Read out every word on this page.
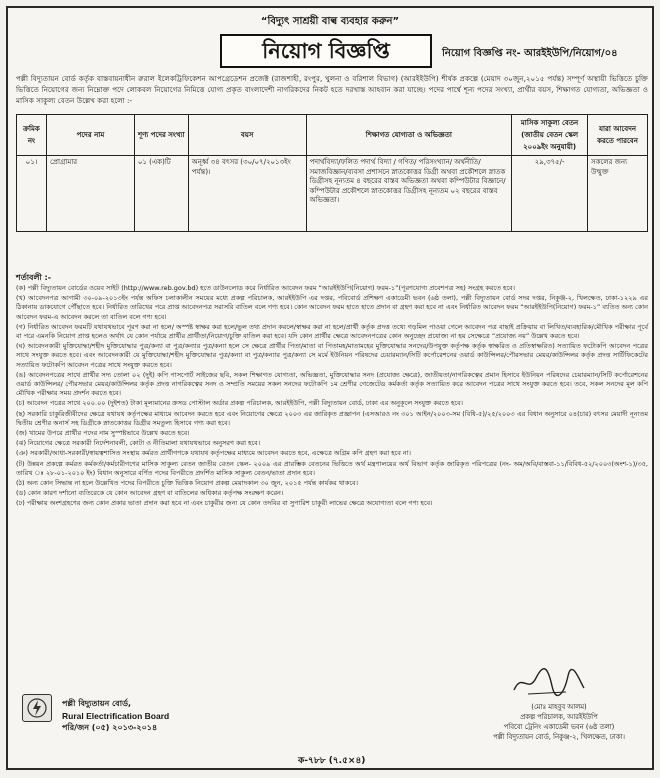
“বিদ্যুৎ সাশ্রয়ী বাল্ব ব্যবহার করুন”
নিয়োগ বিজ্ঞপ্তি	নিয়োগ বিজ্ঞপ্তি নং- আরইইউপি/নিয়োগ/০৪
পল্লী বিদ্যুতায়ন বোর্ড কর্তৃক বাস্তবায়নাধীন রুরাল ইলেকট্রিফিকেশন আপগ্রেডেশন প্রজেক্ট (রাজশাহী, রংপুর, খুলনা ও বরিশাল বিভাগ) (আরইইউপি) শীর্ষক প্রকল্পে (মেয়াদ ৩০জুন,২০১৫ পর্যন্ত) সম্পূর্ণ অস্থায়ী ভিত্তিতে চুক্তি ভিত্তিতে নিয়োগের জন্য নিম্নোক্ত পদে লোকবল নিয়োগের নিমিত্তে যোগ্য প্রকৃত বাংলাদেশী নাগরিকদের নিকট হতে দরখাস্ত আহবান করা যাচ্ছে। পদের পার্শ্বে শূন্য পদের সংখ্যা, প্রার্থীর বয়স, শিক্ষাগত যোগ্যতা, অভিজ্ঞতা ও মাসিক সাকুল্য বেতন উল্লেখ করা হলো :-
ক্রমিক নং	পদের নাম	শূণ্য পদের সংখ্যা	বয়স	শিক্ষাগত যোগ্যতা ও অভিজ্ঞতা	মাসিক সাকুল্য বেতন (জাতীয় বেতন স্কেল ২০০৯ইং অনুযায়ী)	যারা আবেদন করতে পারবেন
০১।	প্রোগ্রামার	০১ (এক)টি	অনূর্ধ্ব ৩৪ বৎসর (৩০/০৭/২০১৩ইং পর্যন্ত)।	পদার্থবিদ্যা/ফলিত পদার্থ বিদ্যা / গণিত/ পরিসংখ্যান/ অর্থনীতি/ সমাজবিজ্ঞান/ব্যবসা প্রশাসনে স্নাতকোত্তর ডিগ্রী অথবা প্রকৌশলে স্নাতক ডিগ্রীসহ নূন্যতম ৪ বছরের বাস্তব অভিজ্ঞতা অথবা কম্পিউটার বিজ্ঞানে/কম্পিউটার প্রকৌশলে স্নাতকোত্তর ডিগ্রীসহ নূন্যতম ০২ বছরের বাস্তব অভিজ্ঞতা।	২৯,৩৭৫/-	সকলের জন্য উন্মুক্ত
শর্তাবলী :-

(ক) পল্লী বিদ্যুতায়ন বোর্ডের ওয়েব সাইট (http://www.reb.gov.bd) হতে ডাউনলোড করে নির্ধারিত আবেদন ফরম “আরইইউপি(নিয়োগ) ফরম-১”(পূরণযোগ্য প্রবেশপত্র সহ) সংগ্রহ করতে হবে।

(খ) আবেদনপত্র আগামী ৩০-০৯-২০১৩ইং পর্যন্ত অফিস চলাকালীন সময়ের মধ্যে প্রকল্প পরিচালক, আরইইউপি এর দপ্তর, পবিবোর্ড প্রশিক্ষণ একাডেমী ভবন (৬ষ্ঠ তলা), পল্লী বিদ্যুতায়ন বোর্ড সদর দপ্তর, নিকুঞ্জ-২, খিলক্ষেত, ঢাকা-১২২৯ এর ঠিকানায় ডাকযোগে পৌঁছাতে হবে। নির্ধারিত তারিখের পরে প্রাপ্ত আবেদনপত্র সরাসরি বাতিল বলে গণ্য হবে। কোন আবেদন ফরম হাতে হাতে প্রদান বা গ্রহণ করা হবে না এবং নির্ধারিত আবেদন ফরম “আরইইউপি(নিয়োগ) ফরম-১” ব্যতিত অন্য কোন আবেদন ফরম-এ আবেদন করলে তা বাতিল বলে গণ্য হবে।

(গ) নির্ধারিত আবেদন ফরমটি যথাযথভাবে পূরণ করা না হলে/ অস্পষ্ট স্বাক্ষর করা হলে/ভুল তথ্য প্রদান করলে/স্বাক্ষর করা না হলে/প্রার্থী কর্তৃক প্রদত্ত তথ্যে গড়মিল পাওয়া গেলে আবেদন পত্র বাছাই প্রক্রিয়ায় বা লিখিত/ব্যবহারিক/মৌখিক পরীক্ষার পূর্বে বা পরে এমনকি নিয়োগ প্রাপ্ত হলেও অর্থাৎ যে কোন পর্যায়ে প্রার্থীর প্রার্থীতা/নিয়োগ/চুক্তি বাতিল করা হবে। যদি কোন প্রার্থীর ক্ষেত্রে আবেদনপত্রের কোন অনুচ্ছেদ প্রযোজ্য না হয় সেক্ষেত্রে “প্রযোজ্য নয়” উল্লেখ করতে হবে।

(ঘ) আবেদনকারী মুক্তিযোদ্ধা/শহীদ মুক্তিযোদ্ধার পুত্র/কন্যা বা পুত্র/কন্যার পুত্র/কন্যা হলে সে ক্ষেত্রে প্রার্থীর পিতা/মাতা বা পিতামহ/মাতামহের মুক্তিযোদ্ধার সনদের/উপযুক্ত কর্তৃপক্ষ কর্তৃক স্বাক্ষরিত ও প্রতিস্বাক্ষরিত) সত্যায়িত ফটোকপি আবেদন পত্রের সাথে সংযুক্ত করতে হবে। এবং আবেদনকারী যে মুক্তিযোদ্ধা/শহীদ মুক্তিযোদ্ধার পুত্র/কন্যা বা পুত্র/কন্যার পুত্র/কন্যা সে মর্মে ইউনিয়ন পরিষদের চেয়ারম্যান/সিটি কর্পোরেশনের ওয়ার্ড কাউন্সিলর/পৌরসভার মেয়র/কাউন্সিলর কর্তৃক প্রদত্ত সার্টিফিকেটের সত্যায়িত ফটোকপি আবেদন পত্রের সাথে সংযুক্ত করতে হবে।

(ঙ) আবেদনপত্রের সাথে প্রার্থীর সদ্য তোলা ০২ (দুই) কপি পাসপোর্ট সাইজের ছবি, সকল শিক্ষাগত যোগ্যতা, অভিজ্ঞতা, মুক্তিযোদ্ধার সনদ (প্রযোজ্য ক্ষেত্রে), জাতীয়তা/নাগরিকত্বের প্রমান হিসাবে ইউনিয়ন পরিষদের চেয়ারম্যান/সিটি কর্পোরেশনের ওয়ার্ড কাউন্সিলর/ পৌরসভার মেয়র/কাউন্সিলর কর্তৃক প্রদত্ত নাগরিকত্বের সনদ ও সম্প্রতি সময়ের সকল সনদের ফটোকপি ১ম শ্রেণীর গেজেটেড কর্মকর্তা কর্তৃক সত্যায়িত করে আবেদন পত্রের সাথে সংযুক্ত করতে হবে। তবে, সকল সনদের মূল কপি মৌখিক পরীক্ষার সময় প্রদর্শন করতে হবে।

(চ) আবেদন পত্রের সাথে ২০০.০০ (দুইশত) টাকা মূল্যমানের ক্রসড পোস্টাল অর্ডার প্রকল্প পরিচালক, আরইইউপি, পল্লী বিদ্যুতায়ন বোর্ড, ঢাকা এর অনুকূলে সংযুক্ত করতে হবে।

(ছ) সরকারি চাকুরিজীবীদের ক্ষেত্রে যথাযথ কর্তৃপক্ষের মাধ্যমে আবেদন করতে হবে এবং নিয়োগের ক্ষেত্রে ২০০৩ এর জারিকৃত প্রজ্ঞাপন (এসআরও নং ৩০১ আইন/২০০৩-সম (বিধি-৫)/২৫/২০০৩ এর বিধান অনুসারে ০৪(চার) বৎসর মেয়াদী নূন্যতম দ্বিতীয় শ্রেণীর অনার্স সহ ডিগ্রীকে স্নাতকোত্তর ডিগ্রীর সমতুল্য হিসাবে গণ্য করা হবে।

(জ) খামের উপরে প্রার্থীর পদের নাম সুস্পষ্টভাবে উল্লেখ করতে হবে।

(ঝ) নিয়োগের ক্ষেত্রে সরকারী নির্দেশনাবলী, কোটা ও নীতিমালা যথাযথভাবে অনুসরণ করা হবে।

(ঞ) সরকারী/আধা-সরকারী/স্বায়ত্বশাসিত সংস্থায় কর্মরত প্রার্থীগণকে যথাযথ কর্তৃপক্ষের মাধ্যমে আবেদন করতে হবে, এক্ষেত্রে অগ্রিম কপি গ্রহণ করা হবে না।

(ট) উন্নয়ন প্রকল্পে কর্মরত কর্মকর্তা/কর্মচারীগণের মাসিক সাকুল্য বেতন জাতীয় বেতন স্কেল- ২০০৯ এর প্রারম্ভিক বেতনের ভিত্তিতে অর্থ মন্ত্রণালয়ের অর্থ বিভাগ কর্তৃক জারিকৃত পরিপত্রের (নং- অম/অবি/বাস্তবা-১১/বিবিধ-৫২/২০০৩(অংশ-১)/৩৫, তারিখ ঃ ২৮-০১-২০১০ ইং) বিধান অনুসারে বর্ণিত পদের বিপরীতে প্রদর্শিত মাসিক সাকুল্য বেতন/ভাতা প্রদান হবে।

(ঠ) অন্য কোন সিদ্ধান্ত না হলে উল্লেখিত পদের বিপরীতে চুক্তি ভিত্তিক নিয়োগ প্রকল্প মেয়াদকাল ৩০ জুন, ২০১৫ পর্যন্ত কার্যকর থাকবে।

(ড) কোন কারণ দর্শানো ব্যতিরেকে যে কোন আবেদন গ্রহণ বা বাতিলের অধিকার কর্তৃপক্ষ সংরক্ষণ করেন।

(ঢ) পরীক্ষায় অংশগ্রহণের জন্য কোন প্রকার ভাতা প্রদান করা হবে না এবং চাকুরীর জন্য যে কোন তদবির বা সুপারিশ চাকুরী লাভের ক্ষেত্রে অযোগ্যতা বলে গণ্য হবে।

পল্লী বিদ্যুতায়ন বোর্ড,
Rural Electrification Board
পরি/জন (০৫) ২০১৩-২০১৪
(মোঃ মাহবুব আলম)
প্রকল্প পরিচালক, আরইইউপি
পবিবো ট্রেনিং একাডেমী ভবন (৬ষ্ঠ তলা)
পল্লী বিদ্যুতায়ন বোর্ড, নিকুঞ্জ-২, খিলক্ষেত, ঢাকা।
ক-৭৮৮ (৭.৫×৪)
